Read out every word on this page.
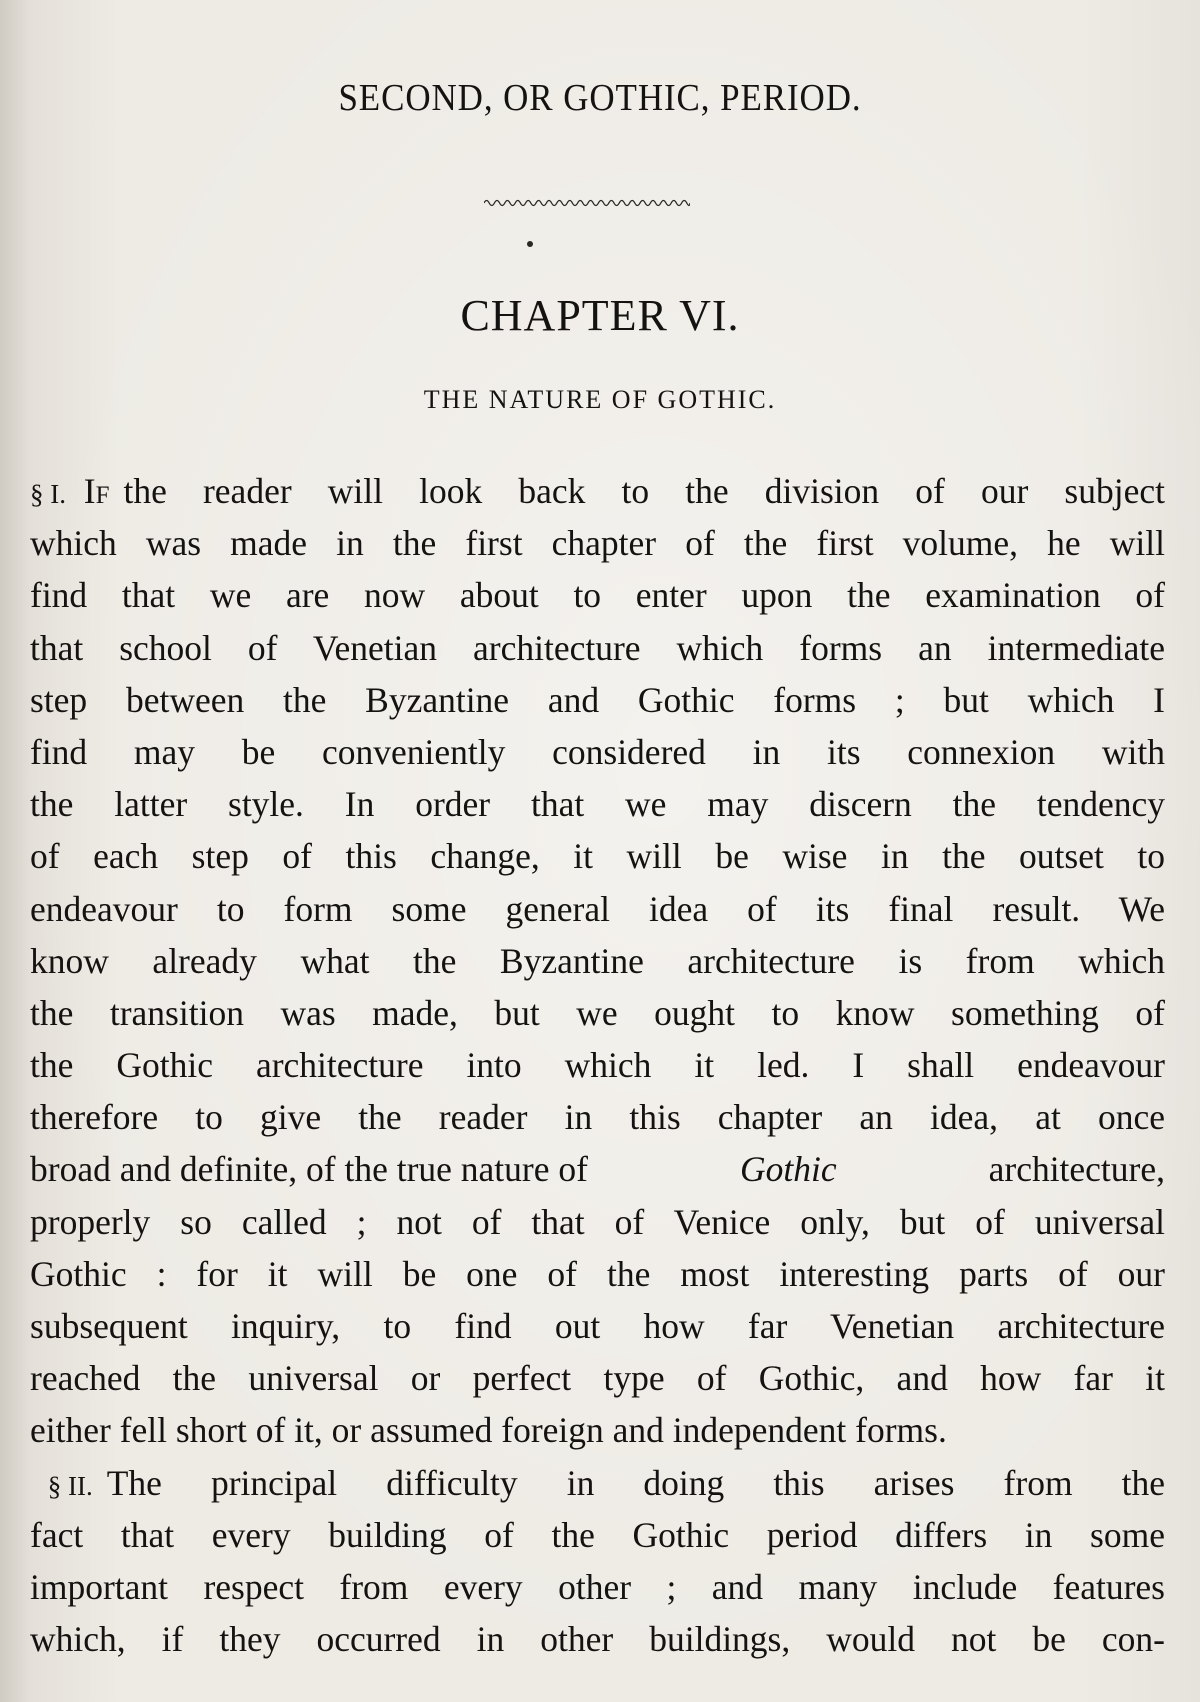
SECOND, OR GOTHIC, PERIOD.
CHAPTER VI.
THE NATURE OF GOTHIC.
§ I. If the reader will look back to the division of our subject
which was made in the first chapter of the first volume, he will
find that we are now about to enter upon the examination of
that school of Venetian architecture which forms an intermediate
step between the Byzantine and Gothic forms ; but which I
find may be conveniently considered in its connexion with
the latter style. In order that we may discern the tendency
of each step of this change, it will be wise in the outset to
endeavour to form some general idea of its final result. We
know already what the Byzantine architecture is from which
the transition was made, but we ought to know something of
the Gothic architecture into which it led. I shall endeavour
therefore to give the reader in this chapter an idea, at once
broad and definite, of the true nature of	Gothic	architecture,
properly so called ; not of that of Venice only, but of universal
Gothic : for it will be one of the most interesting parts of our
subsequent inquiry, to find out how far Venetian architecture
reached the universal or perfect type of Gothic, and how far it
either fell short of it, or assumed foreign and independent forms.
§ II. The principal difficulty in doing this arises from the
fact that every building of the Gothic period differs in some
important respect from every other ; and many include features
which, if they occurred in other buildings, would not be con-
